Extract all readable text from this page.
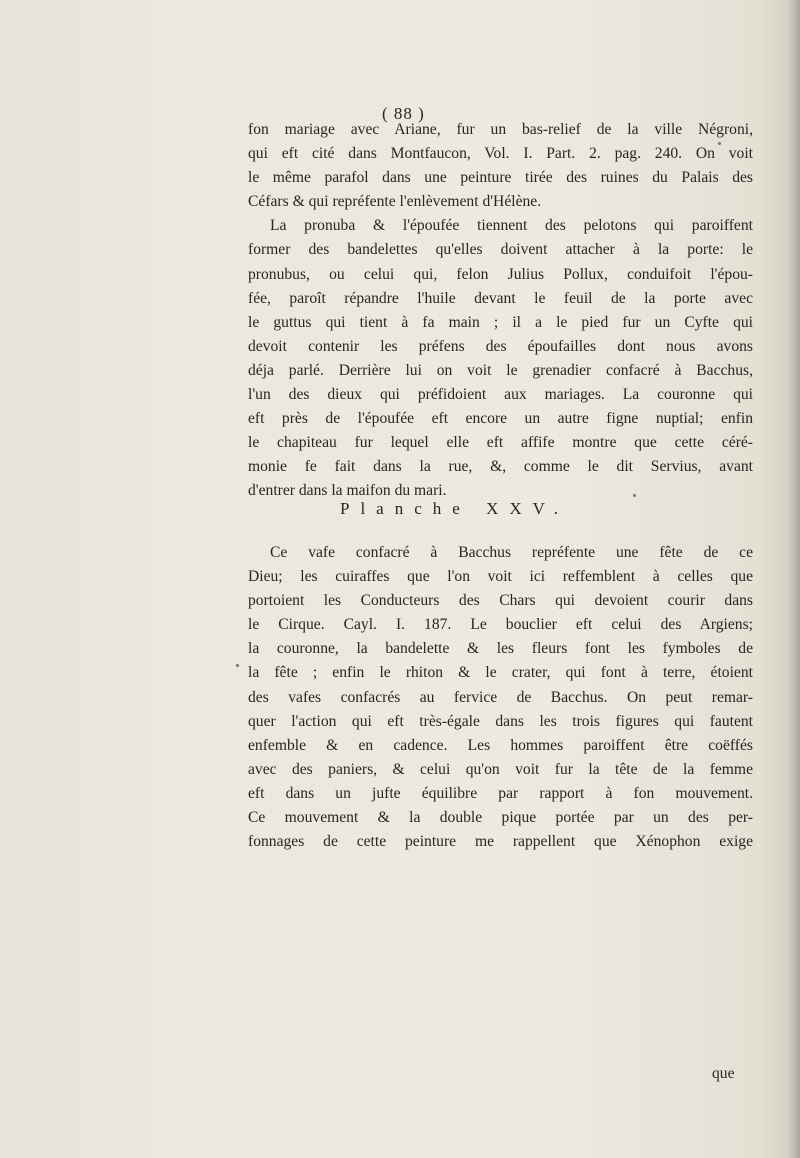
( 88 )
fon mariage avec Ariane, fur un bas-relief de la ville Négroni,
qui eft cité dans Montfaucon, Vol. I. Part. 2. pag. 240. On voit
le même parafol dans une peinture tirée des ruines du Palais des
Céfars & qui repréfente l'enlèvement d'Hélène.
La pronuba & l'époufée tiennent des pelotons qui paroiffent
former des bandelettes qu'elles doivent attacher à la porte: le
pronubus, ou celui qui, felon Julius Pollux, conduifoit l'épou-
fée, paroît répandre l'huile devant le feuil de la porte avec
le guttus qui tient à fa main ; il a le pied fur un Cyfte qui
devoit contenir les préfens des époufailles dont nous avons
déja parlé. Derrière lui on voit le grenadier confacré à Bacchus,
l'un des dieux qui préfidoient aux mariages. La couronne qui
eft près de l'époufée eft encore un autre figne nuptial; enfin
le chapiteau fur lequel elle eft affife montre que cette céré-
monie fe fait dans la rue, &, comme le dit Servius, avant
d'entrer dans la maifon du mari.
Planche XXV.
Ce vafe confacré à Bacchus repréfente une fête de ce
Dieu; les cuiraffes que l'on voit ici reffemblent à celles que
portoient les Conducteurs des Chars qui devoient courir dans
le Cirque. Cayl. I. 187. Le bouclier eft celui des Argiens;
la couronne, la bandelette & les fleurs font les fymboles de
la fête ; enfin le rhiton & le crater, qui font à terre, étoient
des vafes confacrés au fervice de Bacchus. On peut remar-
quer l'action qui eft très-égale dans les trois figures qui fautent
enfemble & en cadence. Les hommes paroiffent être coëffés
avec des paniers, & celui qu'on voit fur la tête de la femme
eft dans un jufte équilibre par rapport à fon mouvement.
Ce mouvement & la double pique portée par un des per-
fonnages de cette peinture me rappellent que Xénophon exige
que
